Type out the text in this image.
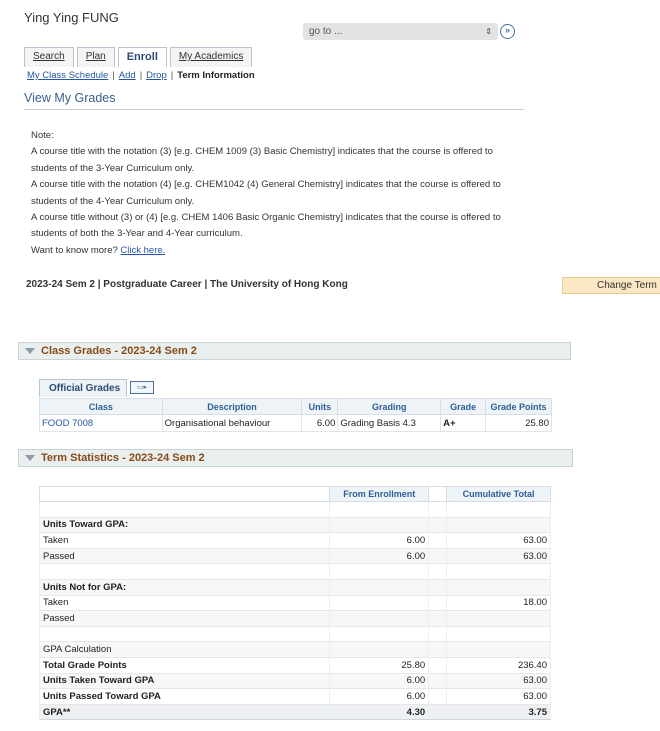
Ying Ying FUNG
go to ...	⇕	»
Search	Plan	Enroll	My Academics
My Class Schedule | Add | Drop | Term Information
View My Grades

Note:

A course title with the notation (3) [e.g. CHEM 1009 (3) Basic Chemistry] indicates that the course is offered to students of the 3-Year Curriculum only.

A course title with the notation (4) [e.g. CHEM1042 (4) General Chemistry] indicates that the course is offered to students of the 4-Year Curriculum only.

A course title without (3) or (4) [e.g. CHEM 1406 Basic Organic Chemistry] indicates that the course is offered to students of both the 3-Year and 4-Year curriculum.

Want to know more? Click here.

2023-24 Sem 2 | Postgraduate Career | The University of Hong Kong	Change Term
Class Grades - 2023-24 Sem 2
Official Grades	▭▸
Class	Description	Units	Grading	Grade	Grade Points
FOOD 7008	Organisational behaviour	6.00	Grading Basis 4.3	A+	25.80
Term Statistics - 2023-24 Sem 2
	From Enrollment		Cumulative Total

Units Toward GPA:			
Taken	6.00		63.00
Passed	6.00		63.00

Units Not for GPA:			
Taken			18.00
Passed			

GPA Calculation			
Total Grade Points	25.80		236.40
Units Taken Toward GPA	6.00		63.00
Units Passed Toward GPA	6.00		63.00
GPA**	4.30		3.75
